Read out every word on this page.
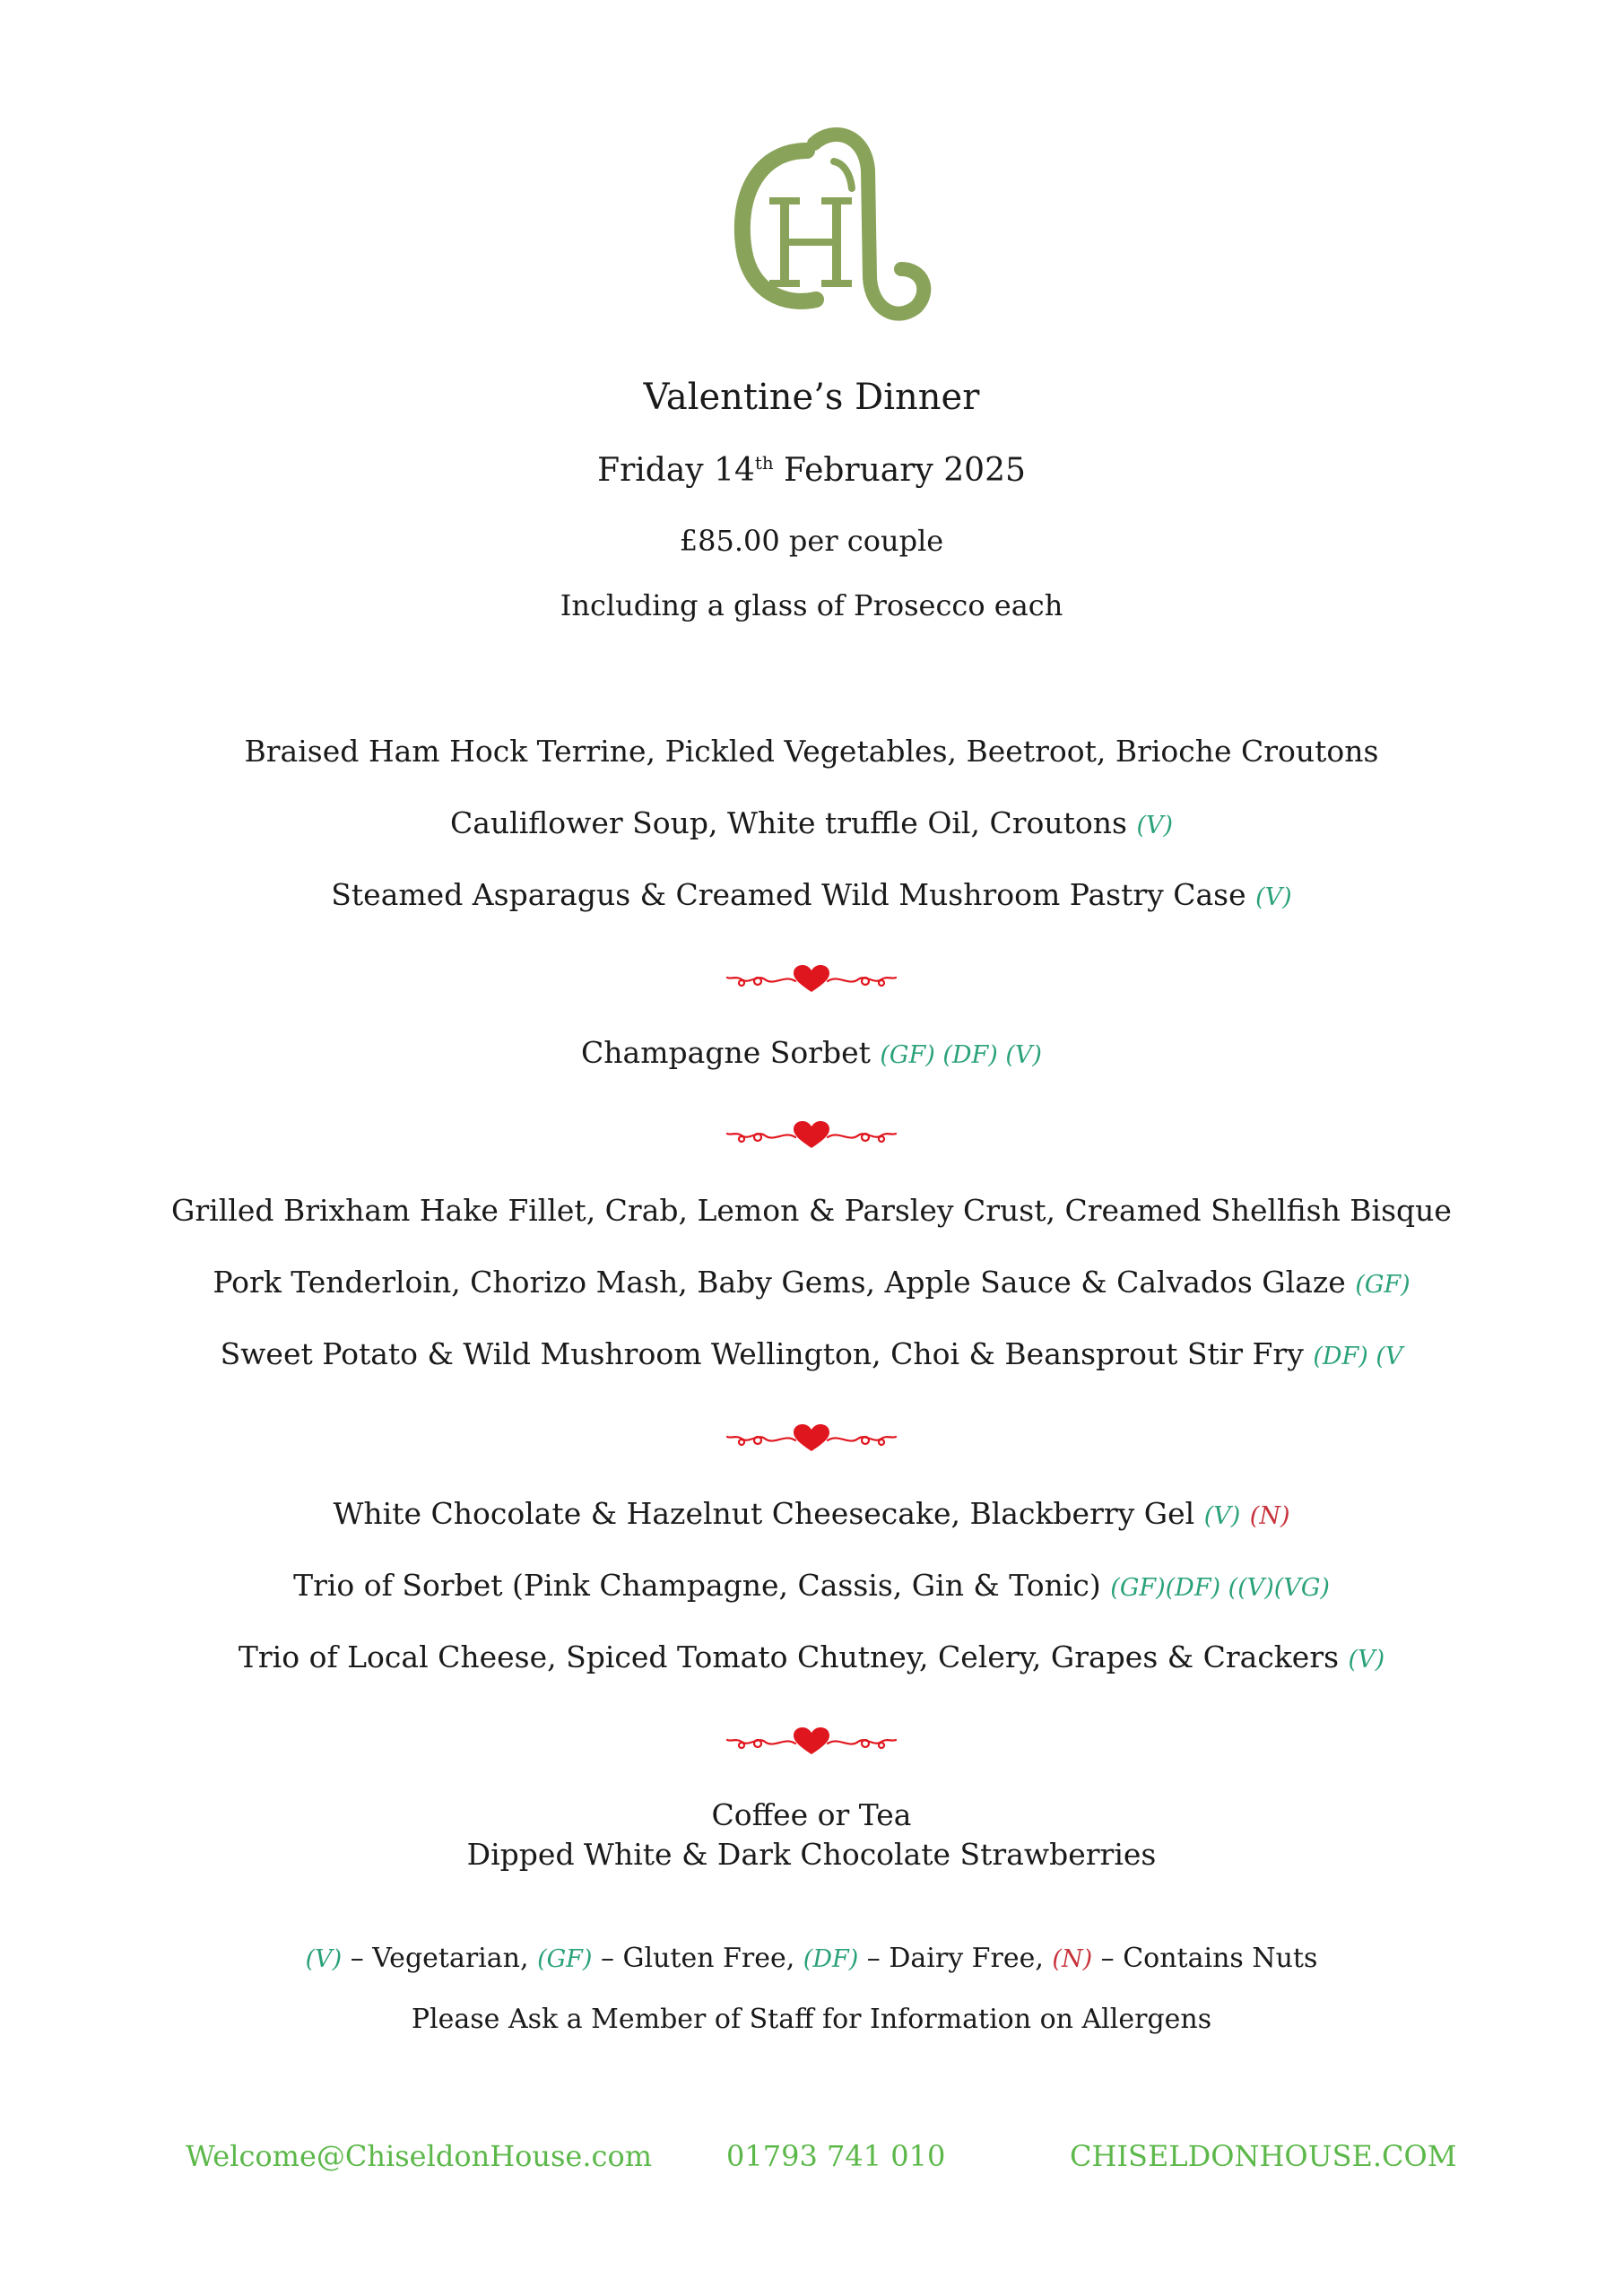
Valentine’s Dinner
Friday 14th February 2025
£85.00 per couple
Including a glass of Prosecco each
Braised Ham Hock Terrine, Pickled Vegetables, Beetroot, Brioche Croutons
Cauliflower Soup, White truffle Oil, Croutons (V)
Steamed Asparagus & Creamed Wild Mushroom Pastry Case (V)
Champagne Sorbet (GF) (DF) (V)
Grilled Brixham Hake Fillet, Crab, Lemon & Parsley Crust, Creamed Shellfish Bisque
Pork Tenderloin, Chorizo Mash, Baby Gems, Apple Sauce & Calvados Glaze (GF)
Sweet Potato & Wild Mushroom Wellington, Choi & Beansprout Stir Fry (DF) (V
White Chocolate & Hazelnut Cheesecake, Blackberry Gel (V) (N)
Trio of Sorbet (Pink Champagne, Cassis, Gin & Tonic) (GF)(DF) ((V)(VG)
Trio of Local Cheese, Spiced Tomato Chutney, Celery, Grapes & Crackers (V)
Coffee or Tea
Dipped White & Dark Chocolate Strawberries
(V) – Vegetarian, (GF) – Gluten Free, (DF) – Dairy Free, (N) – Contains Nuts
Please Ask a Member of Staff for Information on Allergens
Welcome@ChiseldonHouse.com	01793 741 010	CHISELDONHOUSE.COM
